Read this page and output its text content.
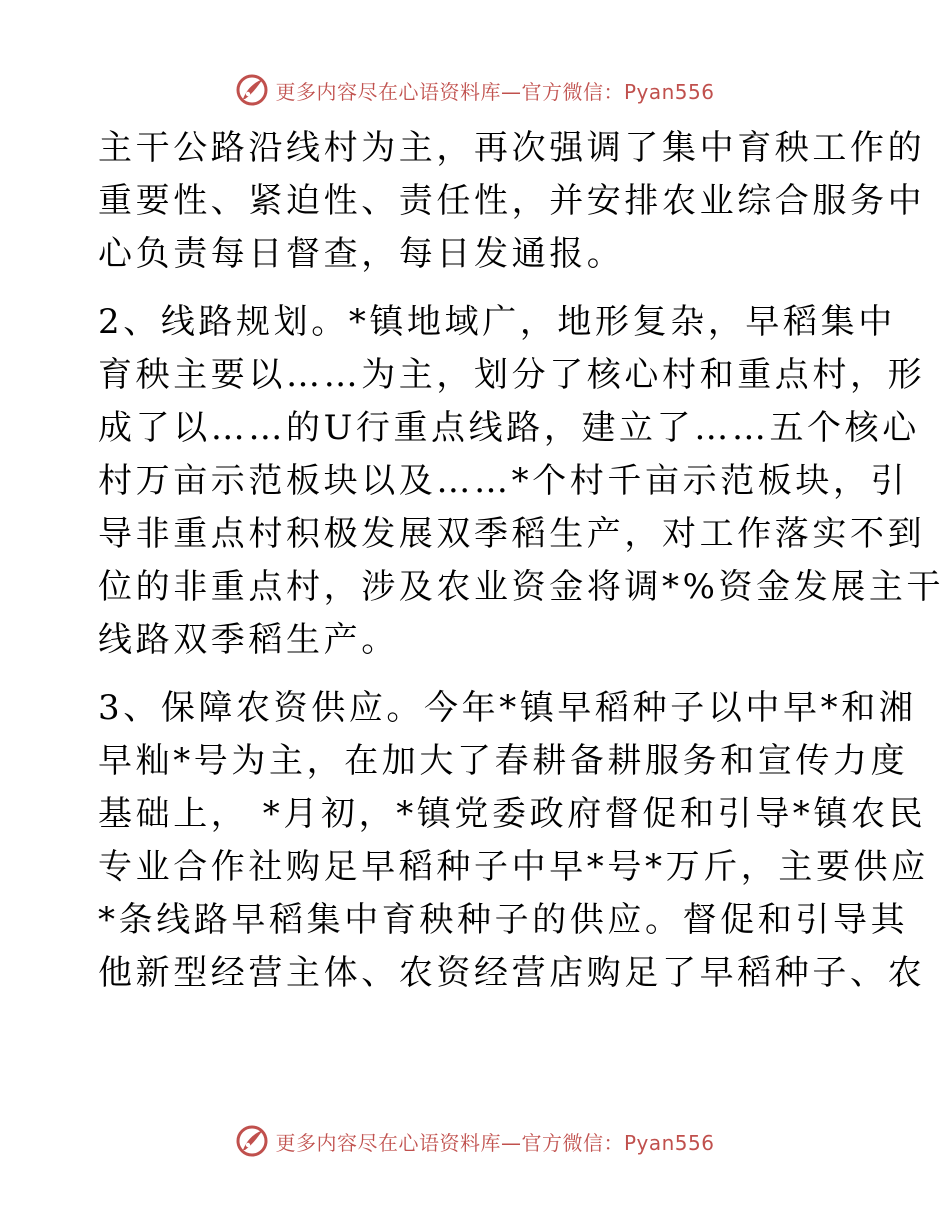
更多内容尽在心语资料库—官方微信：Pyan556

主干公路沿线村为主，再次强调了集中育秧工作的
重要性、紧迫性、责任性，并安排农业综合服务中
心负责每日督查，每日发通报。

2、线路规划。*镇地域广，地形复杂，早稻集中
育秧主要以……为主，划分了核心村和重点村，形
成了以……的U行重点线路，建立了……五个核心
村万亩示范板块以及……*个村千亩示范板块，引
导非重点村积极发展双季稻生产，对工作落实不到
位的非重点村，涉及农业资金将调*%资金发展主干
线路双季稻生产。

3、保障农资供应。今年*镇早稻种子以中早*和湘
早籼*号为主，在加大了春耕备耕服务和宣传力度
基础上， *月初，*镇党委政府督促和引导*镇农民
专业合作社购足早稻种子中早*号*万斤，主要供应
*条线路早稻集中育秧种子的供应。督促和引导其
他新型经营主体、农资经营店购足了早稻种子、农

更多内容尽在心语资料库—官方微信：Pyan556
